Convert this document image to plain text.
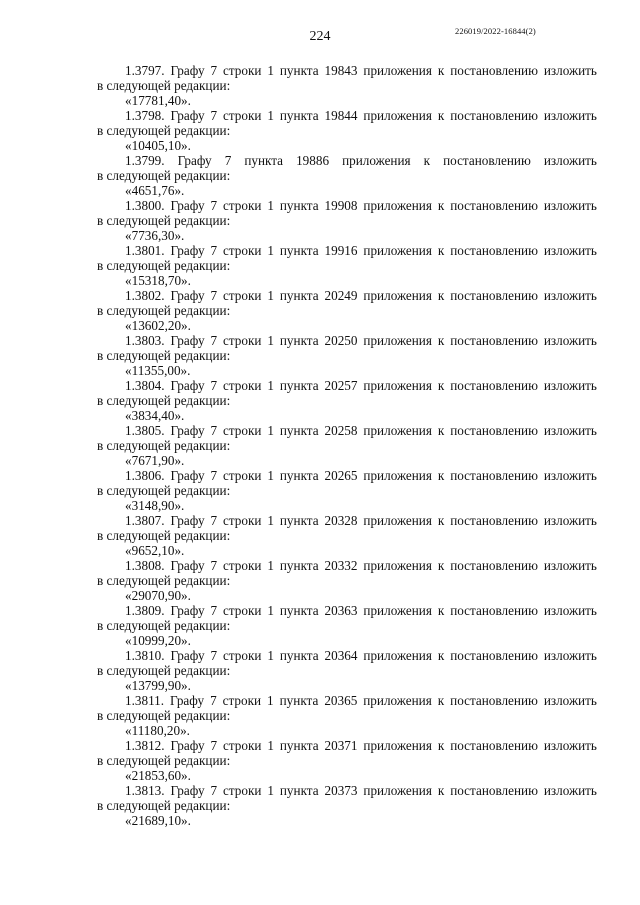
224	226019/2022-16844(2)
1.3797. Графу 7 строки 1 пункта 19843 приложения к постановлению изложить
в следующей редакции:
«17781,40».
1.3798. Графу 7 строки 1 пункта 19844 приложения к постановлению изложить
в следующей редакции:
«10405,10».
1.3799. Графу 7 пункта 19886 приложения к постановлению изложить
в следующей редакции:
«4651,76».
1.3800. Графу 7 строки 1 пункта 19908 приложения к постановлению изложить
в следующей редакции:
«7736,30».
1.3801. Графу 7 строки 1 пункта 19916 приложения к постановлению изложить
в следующей редакции:
«15318,70».
1.3802. Графу 7 строки 1 пункта 20249 приложения к постановлению изложить
в следующей редакции:
«13602,20».
1.3803. Графу 7 строки 1 пункта 20250 приложения к постановлению изложить
в следующей редакции:
«11355,00».
1.3804. Графу 7 строки 1 пункта 20257 приложения к постановлению изложить
в следующей редакции:
«3834,40».
1.3805. Графу 7 строки 1 пункта 20258 приложения к постановлению изложить
в следующей редакции:
«7671,90».
1.3806. Графу 7 строки 1 пункта 20265 приложения к постановлению изложить
в следующей редакции:
«3148,90».
1.3807. Графу 7 строки 1 пункта 20328 приложения к постановлению изложить
в следующей редакции:
«9652,10».
1.3808. Графу 7 строки 1 пункта 20332 приложения к постановлению изложить
в следующей редакции:
«29070,90».
1.3809. Графу 7 строки 1 пункта 20363 приложения к постановлению изложить
в следующей редакции:
«10999,20».
1.3810. Графу 7 строки 1 пункта 20364 приложения к постановлению изложить
в следующей редакции:
«13799,90».
1.3811. Графу 7 строки 1 пункта 20365 приложения к постановлению изложить
в следующей редакции:
«11180,20».
1.3812. Графу 7 строки 1 пункта 20371 приложения к постановлению изложить
в следующей редакции:
«21853,60».
1.3813. Графу 7 строки 1 пункта 20373 приложения к постановлению изложить
в следующей редакции:
«21689,10».
